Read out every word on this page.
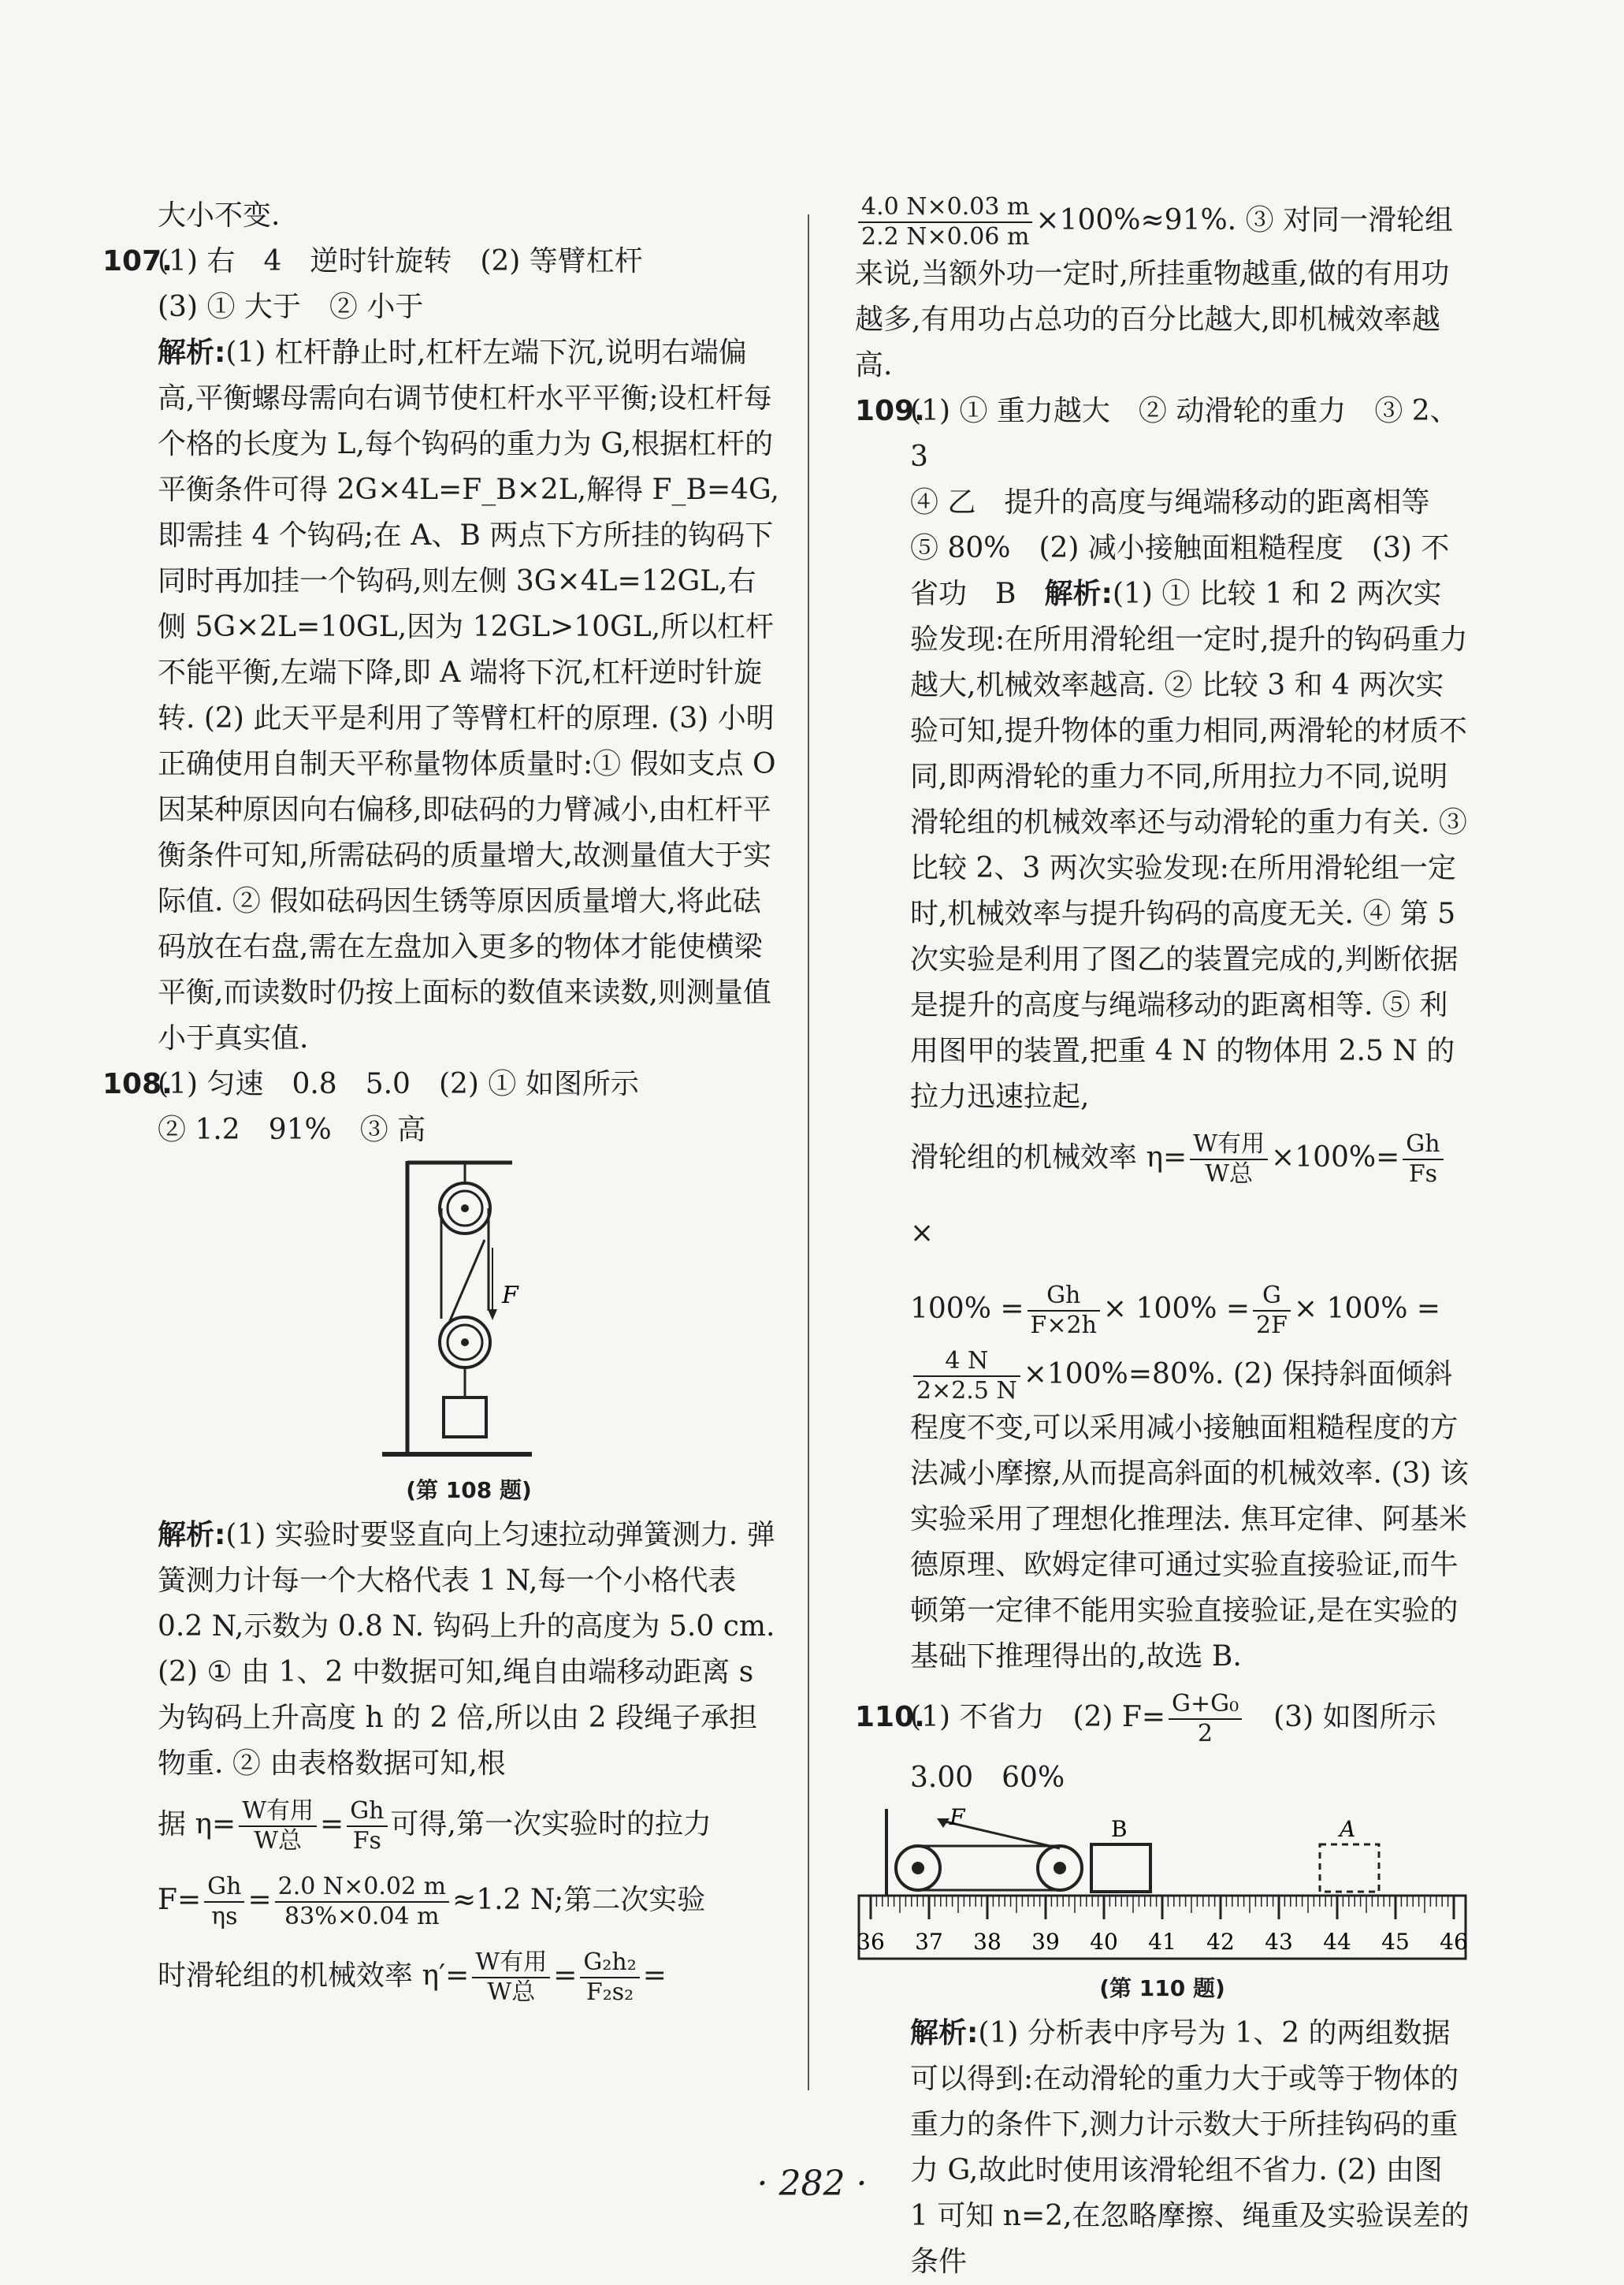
大小不变.

107.(1) 右　4　逆时针旋转　(2) 等臂杠杆

(3) ① 大于　② 小于

解析:(1) 杠杆静止时,杠杆左端下沉,说明右端偏高,平衡螺母需向右调节使杠杆水平平衡;设杠杆每个格的长度为 L,每个钩码的重力为 G,根据杠杆的平衡条件可得 2G×4L=F_B×2L,解得 F_B=4G,即需挂 4 个钩码;在 A、B 两点下方所挂的钩码下同时再加挂一个钩码,则左侧 3G×4L=12GL,右侧 5G×2L=10GL,因为 12GL>10GL,所以杠杆不能平衡,左端下降,即 A 端将下沉,杠杆逆时针旋转. (2) 此天平是利用了等臂杠杆的原理. (3) 小明正确使用自制天平称量物体质量时:① 假如支点 O 因某种原因向右偏移,即砝码的力臂减小,由杠杆平衡条件可知,所需砝码的质量增大,故测量值大于实际值. ② 假如砝码因生锈等原因质量增大,将此砝码放在右盘,需在左盘加入更多的物体才能使横梁平衡,而读数时仍按上面标的数值来读数,则测量值小于真实值.

108.(1) 匀速　0.8　5.0　(2) ① 如图所示

② 1.2　91%　③ 高

F
(第 108 题)

解析:(1) 实验时要竖直向上匀速拉动弹簧测力. 弹簧测力计每一个大格代表 1 N,每一个小格代表 0.2 N,示数为 0.8 N. 钩码上升的高度为 5.0 cm. (2) ① 由 1、2 中数据可知,绳自由端移动距离 s 为钩码上升高度 h 的 2 倍,所以由 2 段绳子承担物重. ② 由表格数据可知,根

据 $\eta= \frac{\text{W有用}}{\text{W总}} = \frac{Gh}{Fs}$ 可得,第一次实验时的拉力

$F= \frac{Gh}{\eta s} = \frac{2.0 N\times 0.02 m}{83\%\times 0.04 m} \approx 1.2$ N;第二次实验

时滑轮组的机械效率 $\eta'= \frac{\text{W有用}}{\text{W总}} = \frac{\text{G₂h₂}}{\text{F₂s₂}}$ =

$\frac{4.0 N\times 0.03 m}{2.2 N\times 0.06 m} \times 100\%\approx 91\%$. ③ 对同一滑轮组来说,当额外功一定时,所挂重物越重,做的有用功越多,有用功占总功的百分比越大,即机械效率越高.

109.(1) ① 重力越大　② 动滑轮的重力　③ 2、3

④ 乙　提升的高度与绳端移动的距离相等

⑤ 80%　(2) 减小接触面粗糙程度　(3) 不省功　B　解析:(1) ① 比较 1 和 2 两次实验发现:在所用滑轮组一定时,提升的钩码重力越大,机械效率越高. ② 比较 3 和 4 两次实验可知,提升物体的重力相同,两滑轮的材质不同,即两滑轮的重力不同,所用拉力不同,说明滑轮组的机械效率还与动滑轮的重力有关. ③ 比较 2、3 两次实验发现:在所用滑轮组一定时,机械效率与提升钩码的高度无关. ④ 第 5 次实验是利用了图乙的装置完成的,判断依据是提升的高度与绳端移动的距离相等. ⑤ 利用图甲的装置,把重 4 N 的物体用 2.5 N 的拉力迅速拉起,

滑轮组的机械效率 $\eta= \frac{\text{W有用}}{\text{W总}} \times 100\%= \frac{Gh}{Fs}$
×

$100\% = \frac{Gh}{F\times 2h} \times 100\% = \frac{G}{2F} \times 100\%$ =

$\frac{4 N}{2\times 2.5 N} \times 100\%=80\%$. (2) 保持斜面倾斜程度不变,可以采用减小接触面粗糙程度的方法减小摩擦,从而提高斜面的机械效率. (3) 该实验采用了理想化推理法. 焦耳定律、阿基米德原理、欧姆定律可通过实验直接验证,而牛顿第一定律不能用实验直接验证,是在实验的基础下推理得出的,故选 B.

110.(1) 不省力　(2) $F= \frac{\text{G+G₀}}{2}$ 　(3) 如图所示

3.00　60%

F	B	A
36 37 38 39 40 41 42 43 44 45 46
(第 110 题)

解析:(1) 分析表中序号为 1、2 的两组数据可以得到:在动滑轮的重力大于或等于物体的重力的条件下,测力计示数大于所挂钩码的重力 G,故此时使用该滑轮组不省力. (2) 由图 1 可知 n=2,在忽略摩擦、绳重及实验误差的条件

· 282 ·
